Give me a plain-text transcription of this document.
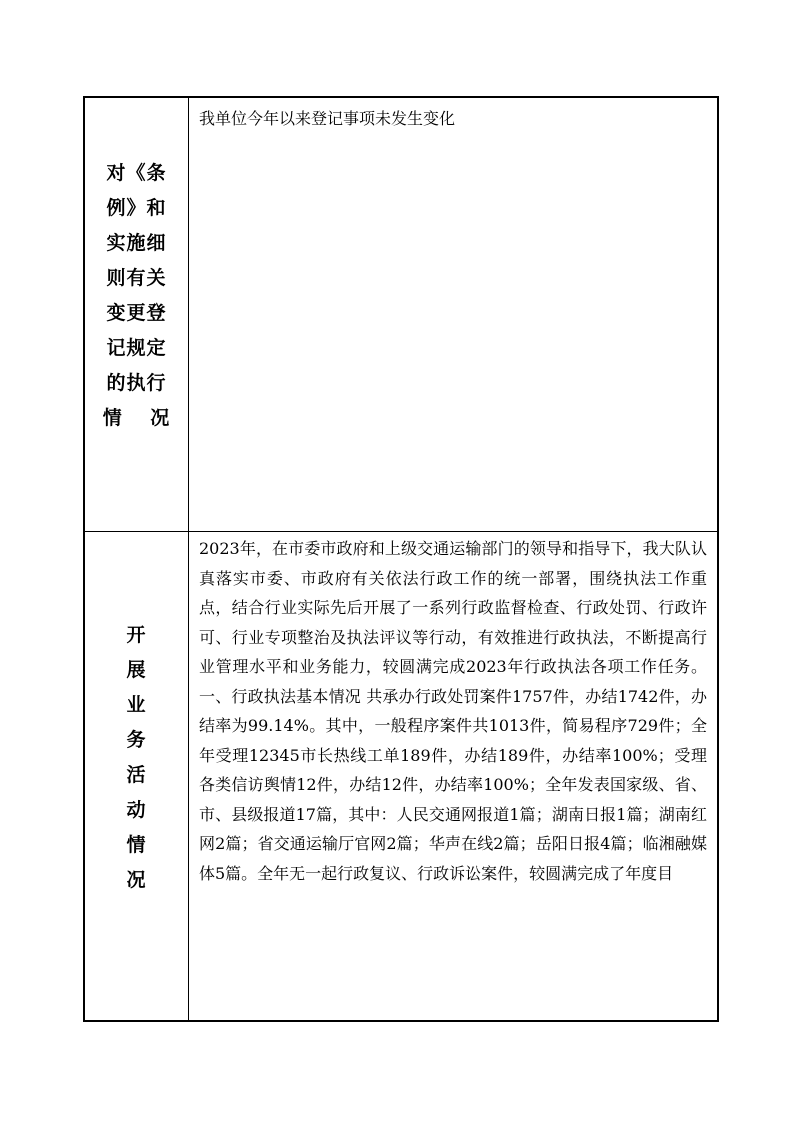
对《条
例》和
实施细
则有关
变更登
记规定
的执行
情　 况
我单位今年以来登记事项未发生变化
开
展
业
务
活
动
情
况
2023年，在市委市政府和上级交通运输部门的领导和指导下，我大队认真落实市委、市政府有关依法行政工作的统一部署，围绕执法工作重点，结合行业实际先后开展了一系列行政监督检查、行政处罚、行政许可、行业专项整治及执法评议等行动，有效推进行政执法，不断提高行业管理水平和业务能力，较圆满完成2023年行政执法各项工作任务。 一、行政执法基本情况 共承办行政处罚案件1757件，办结1742件，办结率为99.14%。其中，一般程序案件共1013件，简易程序729件；全年受理12345市长热线工单189件，办结189件，办结率100%；受理各类信访舆情12件，办结12件，办结率100%；全年发表国家级、省、市、县级报道17篇，其中：人民交通网报道1篇；湖南日报1篇；湖南红网2篇；省交通运输厅官网2篇；华声在线2篇；岳阳日报4篇；临湘融媒体5篇。全年无一起行政复议、行政诉讼案件，较圆满完成了年度目
